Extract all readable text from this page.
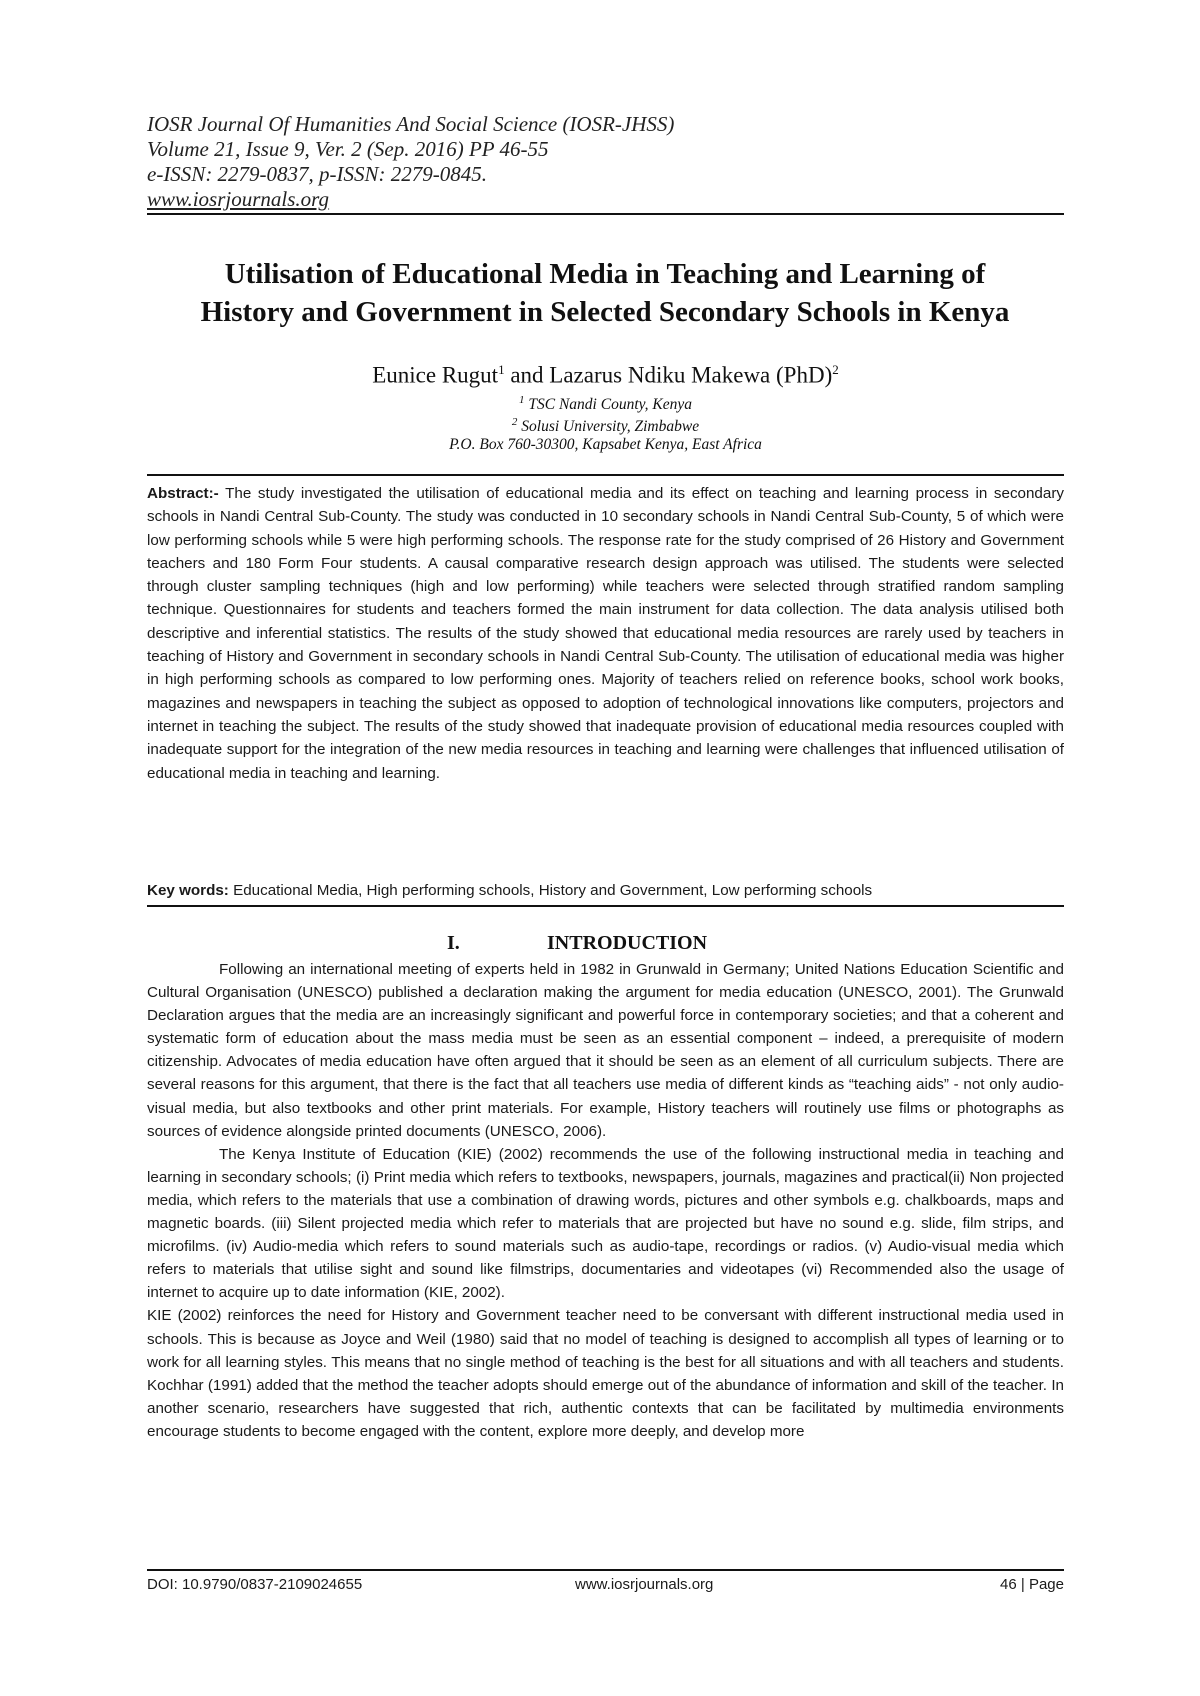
IOSR Journal Of Humanities And Social Science (IOSR-JHSS)
Volume 21, Issue 9, Ver. 2 (Sep. 2016) PP 46-55
e-ISSN: 2279-0837, p-ISSN: 2279-0845.
www.iosrjournals.org
Utilisation of Educational Media in Teaching and Learning of
History and Government in Selected Secondary Schools in Kenya
Eunice Rugut$^1$ and Lazarus Ndiku Makewa (PhD)$^2$
$^1$ TSC Nandi County, Kenya
$^2$ Solusi University, Zimbabwe
P.O. Box 760-30300, Kapsabet Kenya, East Africa
Abstract:- The study investigated the utilisation of educational media and its effect on teaching and learning process in secondary schools in Nandi Central Sub-County. The study was conducted in 10 secondary schools in Nandi Central Sub-County, 5 of which were low performing schools while 5 were high performing schools. The response rate for the study comprised of 26 History and Government teachers and 180 Form Four students. A causal comparative research design approach was utilised. The students were selected through cluster sampling techniques (high and low performing) while teachers were selected through stratified random sampling technique. Questionnaires for students and teachers formed the main instrument for data collection. The data analysis utilised both descriptive and inferential statistics. The results of the study showed that educational media resources are rarely used by teachers in teaching of History and Government in secondary schools in Nandi Central Sub-County. The utilisation of educational media was higher in high performing schools as compared to low performing ones. Majority of teachers relied on reference books, school work books, magazines and newspapers in teaching the subject as opposed to adoption of technological innovations like computers, projectors and internet in teaching the subject. The results of the study showed that inadequate provision of educational media resources coupled with inadequate support for the integration of the new media resources in teaching and learning were challenges that influenced utilisation of educational media in teaching and learning.
Key words: Educational Media, High performing schools, History and Government, Low performing schools
I.	INTRODUCTION

Following an international meeting of experts held in 1982 in Grunwald in Germany; United Nations Education Scientific and Cultural Organisation (UNESCO) published a declaration making the argument for media education (UNESCO, 2001). The Grunwald Declaration argues that the media are an increasingly significant and powerful force in contemporary societies; and that a coherent and systematic form of education about the mass media must be seen as an essential component – indeed, a prerequisite of modern citizenship. Advocates of media education have often argued that it should be seen as an element of all curriculum subjects. There are several reasons for this argument, that there is the fact that all teachers use media of different kinds as “teaching aids” - not only audio-visual media, but also textbooks and other print materials. For example, History teachers will routinely use films or photographs as sources of evidence alongside printed documents (UNESCO, 2006).

The Kenya Institute of Education (KIE) (2002) recommends the use of the following instructional media in teaching and learning in secondary schools; (i) Print media which refers to textbooks, newspapers, journals, magazines and practical(ii) Non projected media, which refers to the materials that use a combination of drawing words, pictures and other symbols e.g. chalkboards, maps and magnetic boards. (iii) Silent projected media which refer to materials that are projected but have no sound e.g. slide, film strips, and microfilms. (iv) Audio-media which refers to sound materials such as audio-tape, recordings or radios. (v) Audio-visual media which refers to materials that utilise sight and sound like filmstrips, documentaries and videotapes (vi) Recommended also the usage of internet to acquire up to date information (KIE, 2002).

KIE (2002) reinforces the need for History and Government teacher need to be conversant with different instructional media used in schools. This is because as Joyce and Weil (1980) said that no model of teaching is designed to accomplish all types of learning or to work for all learning styles. This means that no single method of teaching is the best for all situations and with all teachers and students. Kochhar (1991) added that the method the teacher adopts should emerge out of the abundance of information and skill of the teacher. In another scenario, researchers have suggested that rich, authentic contexts that can be facilitated by multimedia environments encourage students to become engaged with the content, explore more deeply, and develop more

DOI: 10.9790/0837-2109024655	www.iosrjournals.org	46 | Page
